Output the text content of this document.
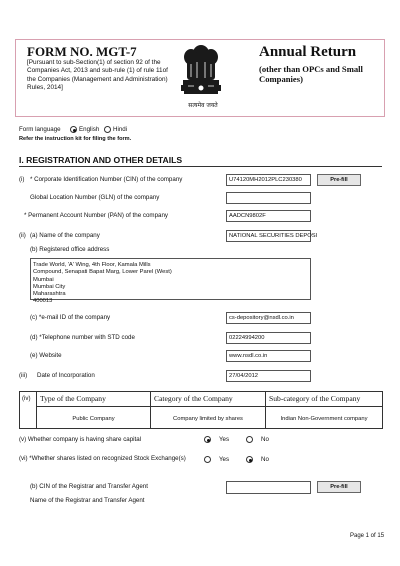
FORM NO. MGT-7
[Pursuant to sub-Section(1) of section 92 of the Companies Act, 2013 and sub-rule (1) of rule 11of the Companies (Management and Administration) Rules, 2014]
सत्यमेव जयते
Annual Return
(other than OPCs and Small Companies)
Form language	English Hindi
Refer the instruction kit for filing the form.
I. REGISTRATION AND OTHER DETAILS
(i) * Corporate Identification Number (CIN) of the company	U74120MH2012PLC230380	Pre-fill
Global Location Number (GLN) of the company
* Permanent Account Number (PAN) of the company	AADCN9802F
(ii) (a) Name of the company	NATIONAL SECURITIES DEPOSI
(b) Registered office address
Trade World, 'A' Wing, 4th Floor, Kamala Mills
Compound, Senapati Bapat Marg, Lower Parel (West)
Mumbai
Mumbai City
Maharashtra
400013
(c) *e-mail ID of the company	cs-depository@nsdl.co.in
(d) *Telephone number with STD code	02224994200
(e) Website	www.nsdl.co.in
(iii) Date of Incorporation	27/04/2012
(iv) Type of the Company	Category of the Company	Sub-category of the Company
Public Company	Company limited by shares	Indian Non-Government company
(v) Whether company is having share capital	Yes	No
(vi) *Whether shares listed on recognized Stock Exchange(s)	Yes	No
(b) CIN of the Registrar and Transfer Agent	Pre-fill
Name of the Registrar and Transfer Agent
Page 1 of 15
